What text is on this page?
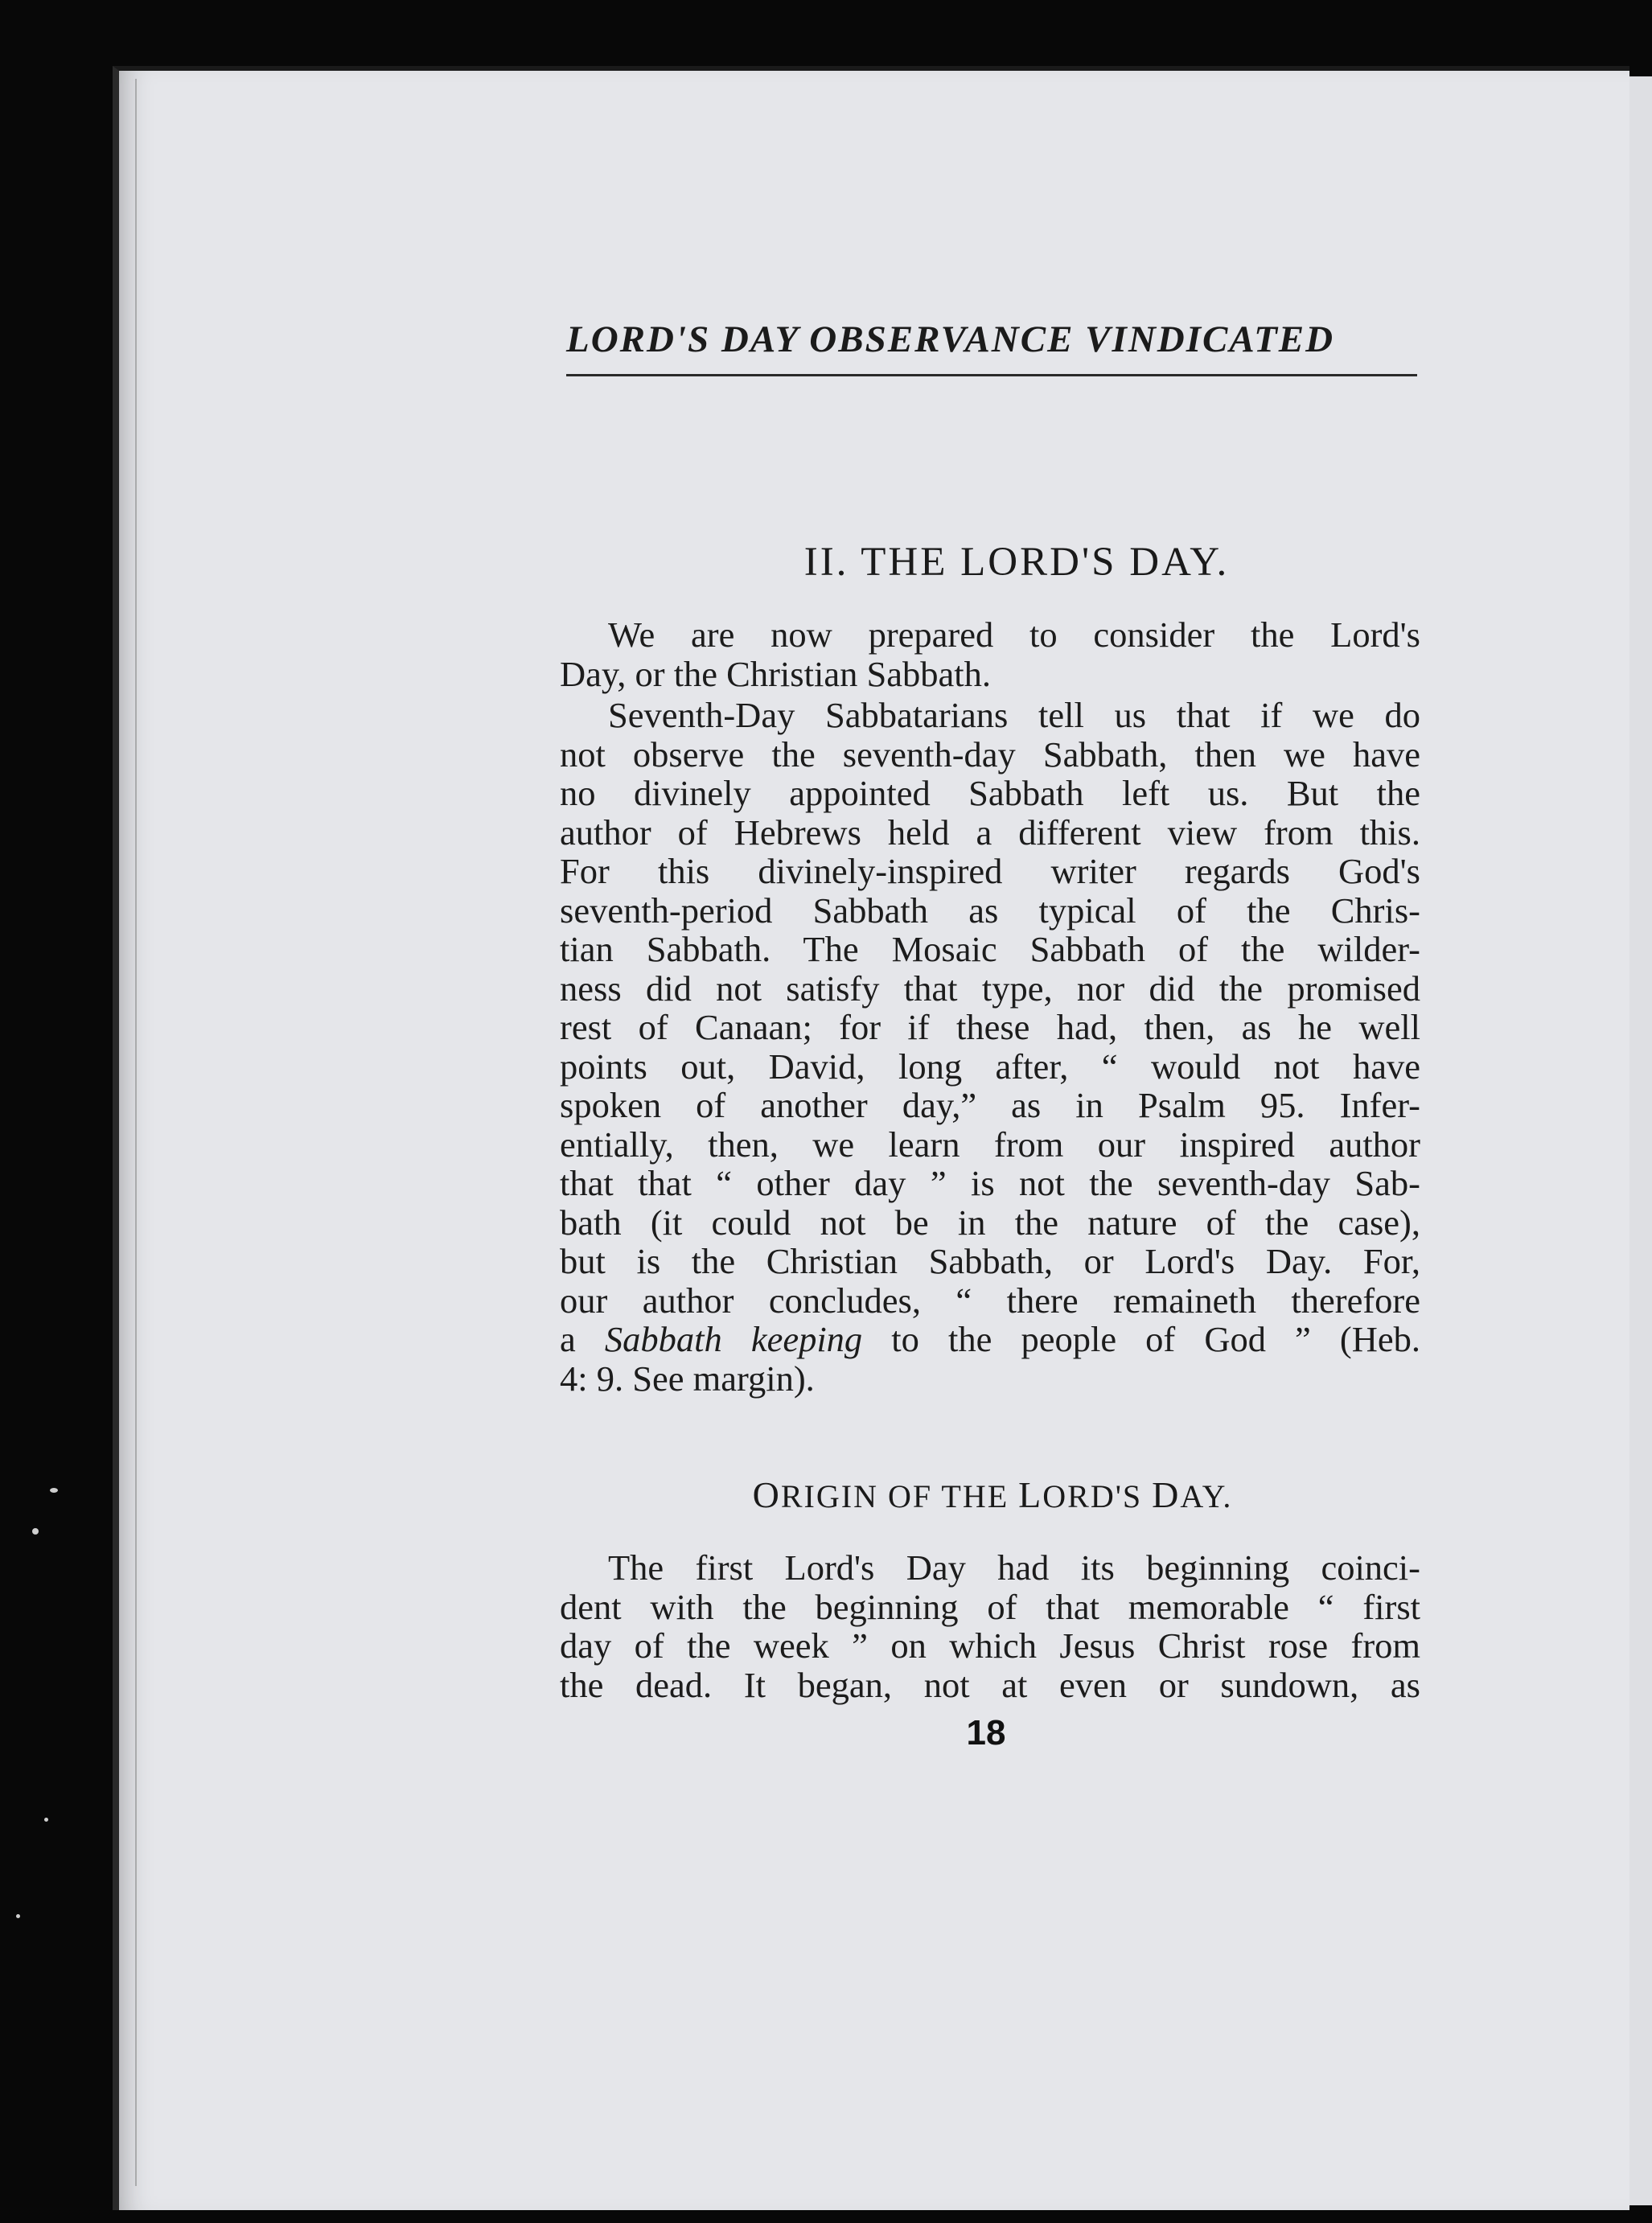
LORD'S DAY OBSERVANCE VINDICATED
II. THE LORD'S DAY.
We are now prepared to consider the Lord's
Day, or the Christian Sabbath.
Seventh-Day Sabbatarians tell us that if we do
not observe the seventh-day Sabbath, then we have
no divinely appointed Sabbath left us. But the
author of Hebrews held a different view from this.
For this divinely-inspired writer regards God's
seventh-period Sabbath as typical of the Chris-
tian Sabbath. The Mosaic Sabbath of the wilder-
ness did not satisfy that type, nor did the promised
rest of Canaan; for if these had, then, as he well
points out, David, long after, “ would not have
spoken of another day,” as in Psalm 95. Infer-
entially, then, we learn from our inspired author
that that “ other day ” is not the seventh-day Sab-
bath (it could not be in the nature of the case),
but is the Christian Sabbath, or Lord's Day. For,
our author concludes, “ there remaineth therefore
a Sabbath keeping to the people of God ” (Heb.
4: 9. See margin).
ORIGIN OF THE LORD'S DAY.
The first Lord's Day had its beginning coinci-
dent with the beginning of that memorable “ first
day of the week ” on which Jesus Christ rose from
the dead. It began, not at even or sundown, as
18
